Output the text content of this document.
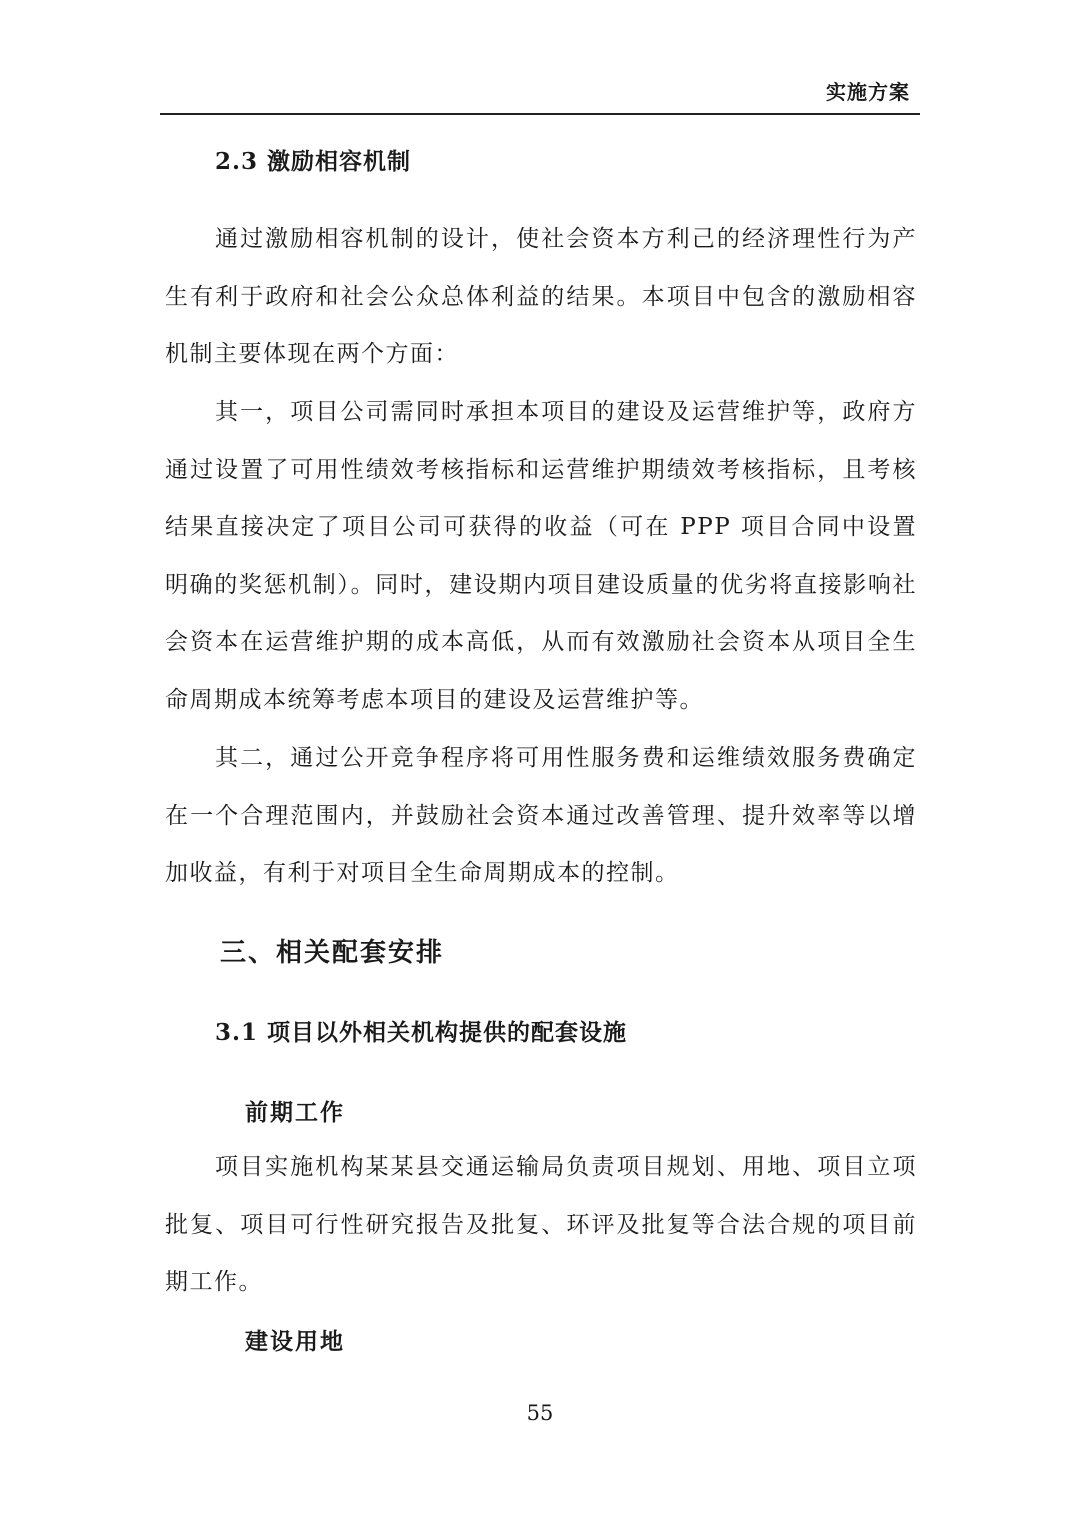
实施方案
2.3 激励相容机制

通过激励相容机制的设计，使社会资本方利己的经济理性行为产生有利于政府和社会公众总体利益的结果。本项目中包含的激励相容机制主要体现在两个方面：

其一，项目公司需同时承担本项目的建设及运营维护等，政府方通过设置了可用性绩效考核指标和运营维护期绩效考核指标，且考核结果直接决定了项目公司可获得的收益（可在 PPP 项目合同中设置明确的奖惩机制）。同时，建设期内项目建设质量的优劣将直接影响社会资本在运营维护期的成本高低，从而有效激励社会资本从项目全生命周期成本统筹考虑本项目的建设及运营维护等。

其二，通过公开竞争程序将可用性服务费和运维绩效服务费确定在一个合理范围内，并鼓励社会资本通过改善管理、提升效率等以增加收益，有利于对项目全生命周期成本的控制。

三、相关配套安排
3.1 项目以外相关机构提供的配套设施
前期工作

项目实施机构某某县交通运输局负责项目规划、用地、项目立项批复、项目可行性研究报告及批复、环评及批复等合法合规的项目前期工作。

建设用地
55
